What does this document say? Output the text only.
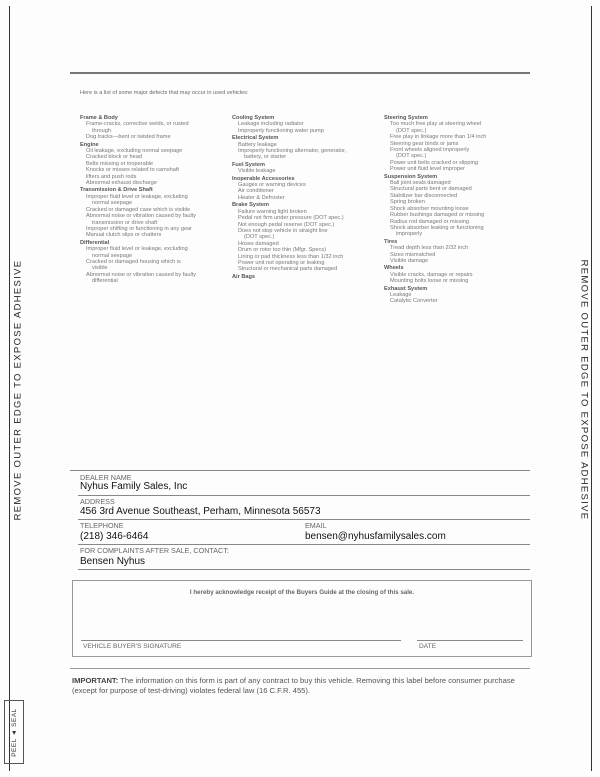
REMOVE OUTER EDGE TO EXPOSE ADHESIVE	REMOVE OUTER EDGE TO EXPOSE ADHESIVE
PEEL ◄ SEAL
Here is a list of some major defects that may occur in used vehicles:
Frame & Body
Frame-cracks, corrective welds, or rusted
through
Dog tracks—bent or twisted frame
Engine
Oil leakage, excluding normal seepage
Cracked block or head
Belts missing or inoperable
Knocks or misses related to camshaft
lifters and push rods
Abnormal exhaust discharge
Transmission & Drive Shaft
Improper fluid level or leakage, excluding
normal seepage
Cracked or damaged case which is visible
Abnormal noise or vibration caused by faulty
transmission or drive shaft
Improper shifting or functioning in any gear
Manual clutch slips or chatters
Differential
Improper fluid level or leakage, excluding
normal seepage
Cracked or damaged housing which is
visible
Abnormal noise or vibration caused by faulty
differential
Cooling System
Leakage including radiator
Improperly functioning water pump
Electrical System
Battery leakage
Improperly functioning alternator, generator,
battery, or starter
Fuel System
Visible leakage
Inoperable Accessories
Gauges or warning devices
Air conditioner
Heater & Defroster
Brake System
Failure warning light broken
Pedal not firm under pressure (DOT spec.)
Not enough pedal reserve (DOT spec.)
Does not stop vehicle in straight line
(DOT spec.)
Hoses damaged
Drum or rotor too thin (Mfgr. Specs)
Lining or pad thickness less than 1/32 inch
Power unit not operating or leaking
Structural or mechanical parts damaged
Air Bags
Steering System
Too much free play at steering wheel
(DOT spec.)
Free play in linkage more than 1/4 inch
Steering gear binds or jams
Front wheels aligned improperly
(DOT spec.)
Power unit belts cracked or slipping
Power unit fluid level improper
Suspension System
Ball joint seals damaged
Structural parts bent or damaged
Stabilizer bar disconnected
Spring broken
Shock absorber mounting loose
Rubber bushings damaged or missing
Radius rod damaged or missing
Shock absorber leaking or functioning
improperly
Tires
Tread depth less than 2/32 inch
Sizes mismatched
Visible damage
Wheels
Visible cracks, damage or repairs
Mounting bolts loose or missing
Exhaust System
Leakage
Catalytic Converter
DEALER NAME
Nyhus Family Sales, Inc
ADDRESS
456 3rd Avenue Southeast, Perham, Minnesota 56573
TELEPHONE	EMAIL
(218) 346-6464	bensen@nyhusfamilysales.com
FOR COMPLAINTS AFTER SALE, CONTACT:
Bensen Nyhus
I hereby acknowledge receipt of the Buyers Guide at the closing of this sale.
VEHICLE BUYER'S SIGNATURE	DATE
IMPORTANT: The information on this form is part of any contract to buy this vehicle. Removing this label before consumer purchase (except for purpose of test-driving) violates federal law (16 C.F.R. 455).
